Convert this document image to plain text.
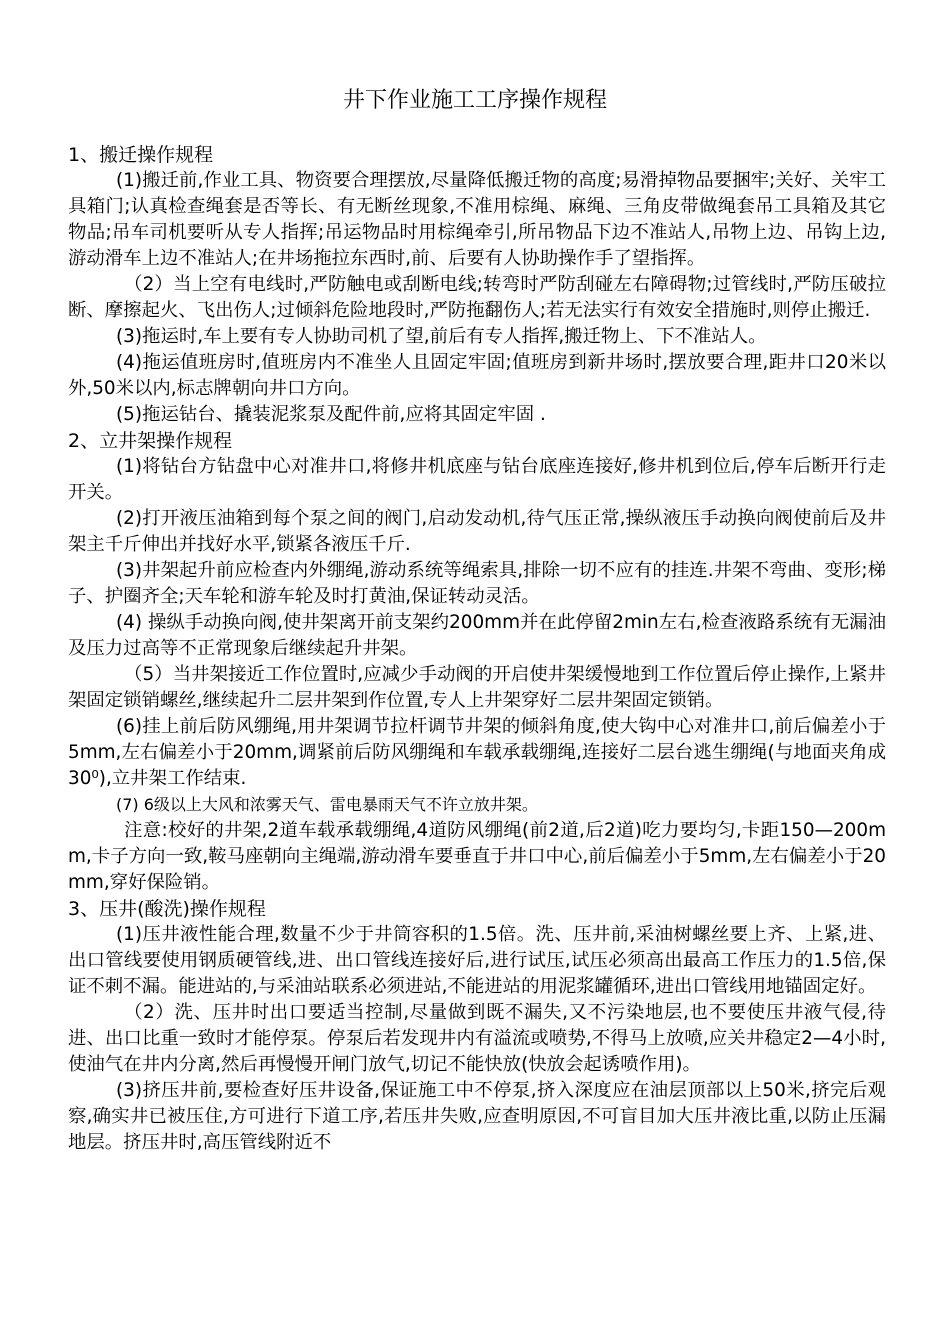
井下作业施工工序操作规程
1、搬迁操作规程

(1)搬迁前,作业工具、物资要合理摆放,尽量降低搬迁物的高度;易滑掉物品要捆牢;关好、关牢工具箱门;认真检查绳套是否等长、有无断丝现象,不准用棕绳、麻绳、三角皮带做绳套吊工具箱及其它物品;吊车司机要听从专人指挥;吊运物品时用棕绳牵引,所吊物品下边不准站人,吊物上边、吊钩上边,游动滑车上边不准站人;在井场拖拉东西时,前、后要有人协助操作手了望指挥。

（2）当上空有电线时,严防触电或刮断电线;转弯时严防刮碰左右障碍物;过管线时,严防压破拉断、摩擦起火、飞出伤人;过倾斜危险地段时,严防拖翻伤人;若无法实行有效安全措施时,则停止搬迁.

(3)拖运时,车上要有专人协助司机了望,前后有专人指挥,搬迁物上、下不准站人。

(4)拖运值班房时,值班房内不准坐人且固定牢固;值班房到新井场时,摆放要合理,距井口20米以外,50米以内,标志牌朝向井口方向。

(5)拖运钻台、撬装泥浆泵及配件前,应将其固定牢固 .

2、立井架操作规程

(1)将钻台方钻盘中心对准井口,将修井机底座与钻台底座连接好,修井机到位后,停车后断开行走开关。

(2)打开液压油箱到每个泵之间的阀门,启动发动机,待气压正常,操纵液压手动换向阀使前后及井架主千斤伸出并找好水平,锁紧各液压千斤.

(3)井架起升前应检查内外绷绳,游动系统等绳索具,排除一切不应有的挂连.井架不弯曲、变形;梯子、护圈齐全;天车轮和游车轮及时打黄油,保证转动灵活。

(4) 操纵手动换向阀,使井架离开前支架约200mm并在此停留2min左右,检查液路系统有无漏油及压力过高等不正常现象后继续起升井架。

（5）当井架接近工作位置时,应减少手动阀的开启使井架缓慢地到工作位置后停止操作,上紧井架固定锁销螺丝,继续起升二层井架到作位置,专人上井架穿好二层井架固定锁销。

(6)挂上前后防风绷绳,用井架调节拉杆调节井架的倾斜角度,使大钩中心对准井口,前后偏差小于5mm,左右偏差小于20mm,调紧前后防风绷绳和车载承载绷绳,连接好二层台逃生绷绳(与地面夹角成30⁰),立井架工作结束.

(7) 6级以上大风和浓雾天气、雷电暴雨天气不许立放井架。

注意:校好的井架,2道车载承载绷绳,4道防风绷绳(前2道,后2道)吃力要均匀,卡距150—200mm,卡子方向一致,鞍马座朝向主绳端,游动滑车要垂直于井口中心,前后偏差小于5mm,左右偏差小于20mm,穿好保险销。

3、压井(酸洗)操作规程

(1)压井液性能合理,数量不少于井筒容积的1.5倍。洗、压井前,采油树螺丝要上齐、上紧,进、出口管线要使用钢质硬管线,进、出口管线连接好后,进行试压,试压必须高出最高工作压力的1.5倍,保证不刺不漏。能进站的,与采油站联系必须进站,不能进站的用泥浆罐循环,进出口管线用地锚固定好。

（2）洗、压井时出口要适当控制,尽量做到既不漏失,又不污染地层,也不要使压井液气侵,待进、出口比重一致时才能停泵。停泵后若发现井内有溢流或喷势,不得马上放喷,应关井稳定2—4小时,使油气在井内分离,然后再慢慢开闸门放气,切记不能快放(快放会起诱喷作用)。

(3)挤压井前,要检查好压井设备,保证施工中不停泵,挤入深度应在油层顶部以上50米,挤完后观察,确实井已被压住,方可进行下道工序,若压井失败,应查明原因,不可盲目加大压井液比重,以防止压漏地层。挤压井时,高压管线附近不
